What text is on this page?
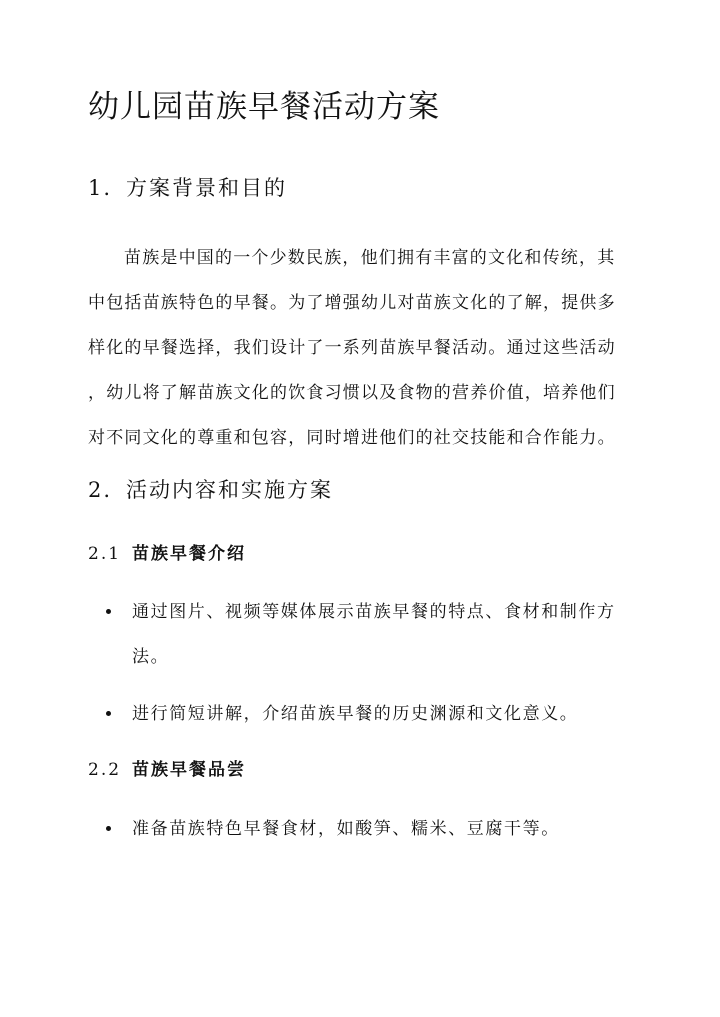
幼儿园苗族早餐活动方案
1. 方案背景和目的
苗族是中国的一个少数民族，他们拥有丰富的文化和传统，其
中包括苗族特色的早餐。为了增强幼儿对苗族文化的了解，提供多
样化的早餐选择，我们设计了一系列苗族早餐活动。通过这些活动
，幼儿将了解苗族文化的饮食习惯以及食物的营养价值，培养他们
对不同文化的尊重和包容，同时增进他们的社交技能和合作能力。
2. 活动内容和实施方案
2.1 苗族早餐介绍
通过图片、视频等媒体展示苗族早餐的特点、食材和制作方
法。
进行简短讲解，介绍苗族早餐的历史渊源和文化意义。
2.2 苗族早餐品尝
准备苗族特色早餐食材，如酸笋、糯米、豆腐干等。
